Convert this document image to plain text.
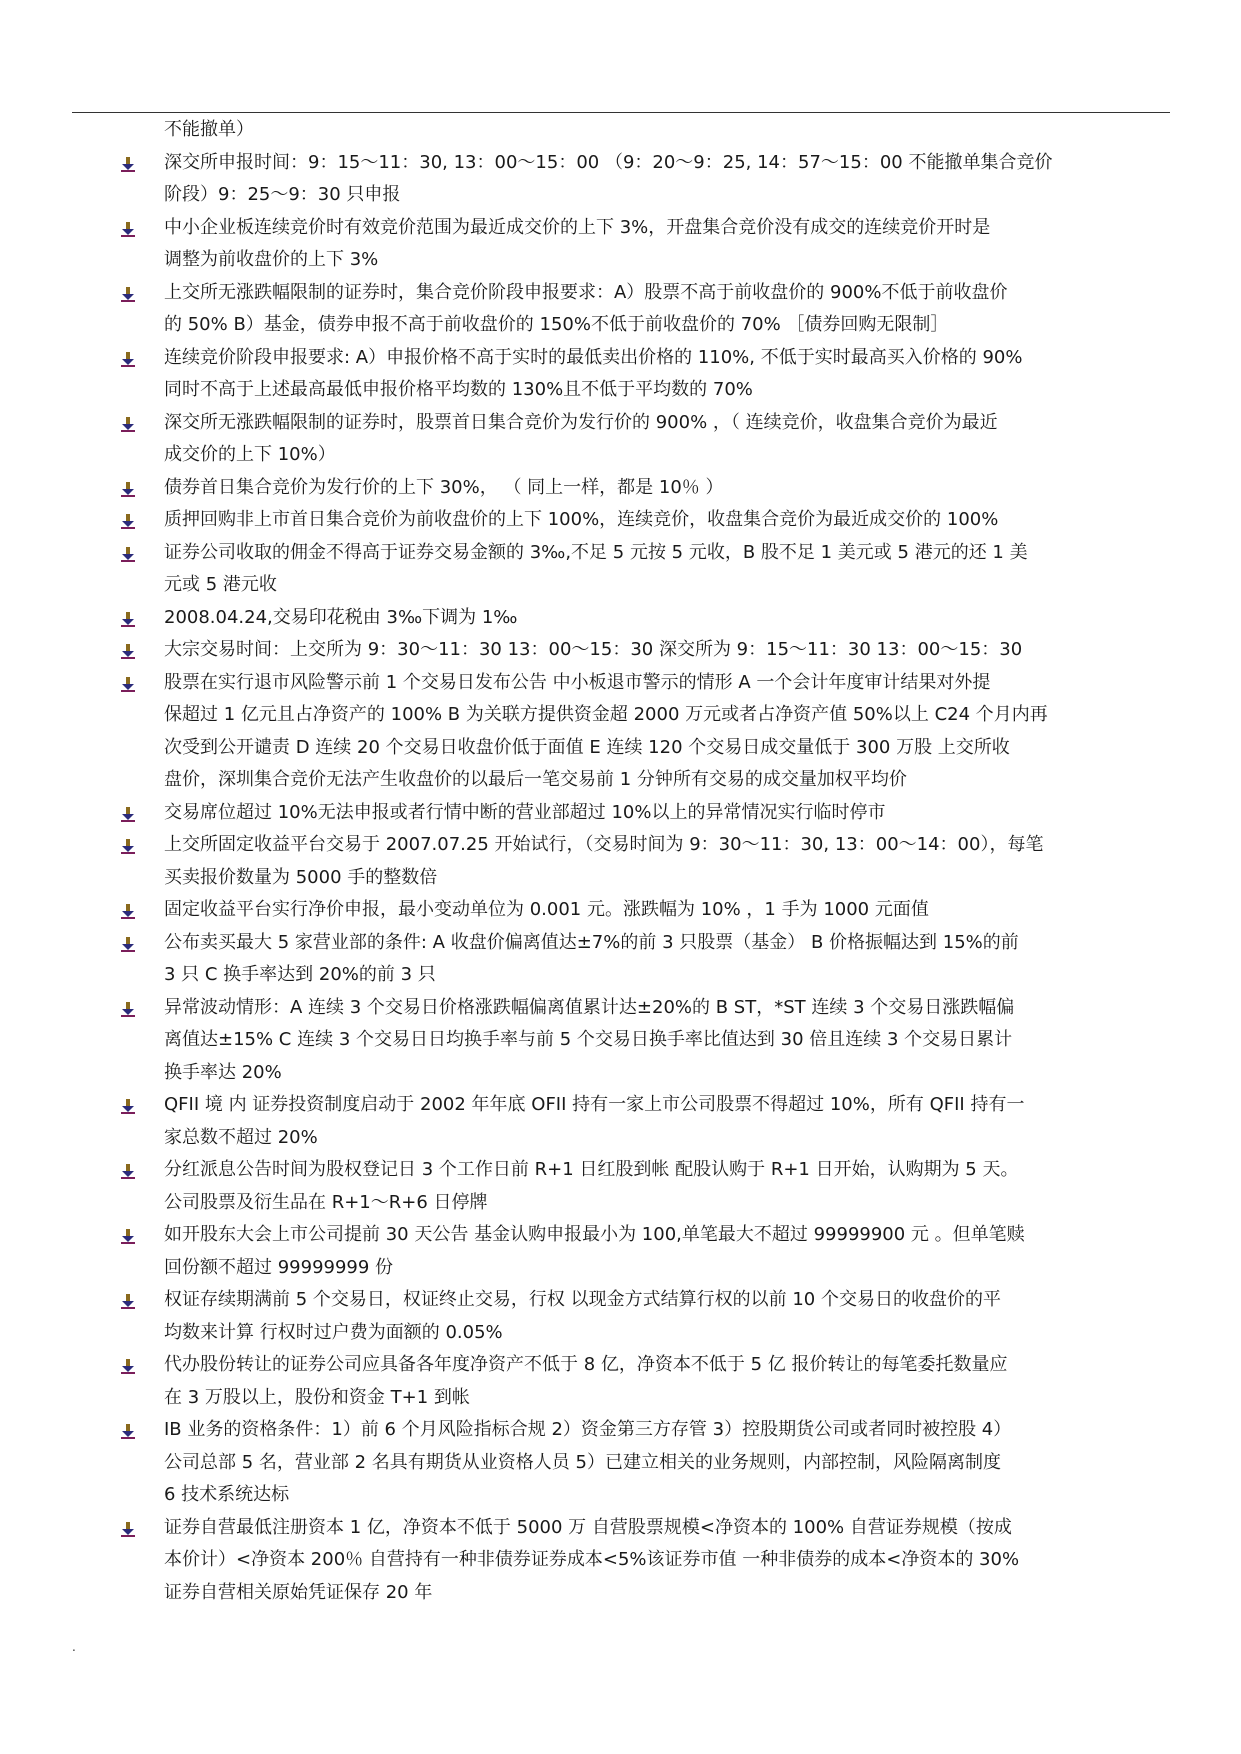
不能撤单）
深交所申报时间：9：15～11：30, 13：00～15：00 （9：20～9：25, 14：57～15：00 不能撤单集合竞价
阶段）9：25～9：30 只申报
中小企业板连续竞价时有效竞价范围为最近成交价的上下 3%，开盘集合竞价没有成交的连续竞价开时是
调整为前收盘价的上下 3%
上交所无涨跌幅限制的证券时，集合竞价阶段申报要求：A）股票不高于前收盘价的 900%不低于前收盘价
的 50% B）基金，债券申报不高于前收盘价的 150%不低于前收盘价的 70% ［债券回购无限制］
连续竞价阶段申报要求: A）申报价格不高于实时的最低卖出价格的 110%, 不低于实时最高买入价格的 90%
同时不高于上述最高最低申报价格平均数的 130%且不低于平均数的 70%
深交所无涨跌幅限制的证券时，股票首日集合竞价为发行价的 900% ，（ 连续竞价，收盘集合竞价为最近
成交价的上下 10%）
债券首日集合竞价为发行价的上下 30%， （ 同上一样，都是 10％ ）
质押回购非上市首日集合竞价为前收盘价的上下 100%，连续竞价，收盘集合竞价为最近成交价的 100%
证券公司收取的佣金不得高于证券交易金额的 3‰,不足 5 元按 5 元收，B 股不足 1 美元或 5 港元的还 1 美
元或 5 港元收
2008.04.24,交易印花税由 3‰下调为 1‰
大宗交易时间：上交所为 9：30～11：30 13：00～15：30 深交所为 9：15～11：30 13：00～15：30
股票在实行退市风险警示前 1 个交易日发布公告 中小板退市警示的情形 A 一个会计年度审计结果对外提
保超过 1 亿元且占净资产的 100% B 为关联方提供资金超 2000 万元或者占净资产值 50%以上 C24 个月内再
次受到公开谴责 D 连续 20 个交易日收盘价低于面值 E 连续 120 个交易日成交量低于 300 万股 上交所收
盘价，深圳集合竞价无法产生收盘价的以最后一笔交易前 1 分钟所有交易的成交量加权平均价
交易席位超过 10%无法申报或者行情中断的营业部超过 10%以上的异常情况实行临时停市
上交所固定收益平台交易于 2007.07.25 开始试行，（交易时间为 9：30～11：30, 13：00～14：00），每笔
买卖报价数量为 5000 手的整数倍
固定收益平台实行净价申报，最小变动单位为 0.001 元。涨跌幅为 10% ，1 手为 1000 元面值
公布卖买最大 5 家营业部的条件: A 收盘价偏离值达±7%的前 3 只股票（基金） B 价格振幅达到 15%的前
3 只 C 换手率达到 20%的前 3 只
异常波动情形：A 连续 3 个交易日价格涨跌幅偏离值累计达±20%的 B ST，*ST 连续 3 个交易日涨跌幅偏
离值达±15% C 连续 3 个交易日日均换手率与前 5 个交易日换手率比值达到 30 倍且连续 3 个交易日累计
换手率达 20%
QFII 境 内 证券投资制度启动于 2002 年年底 OFII 持有一家上市公司股票不得超过 10%，所有 QFII 持有一
家总数不超过 20%
分红派息公告时间为股权登记日 3 个工作日前 R+1 日红股到帐 配股认购于 R+1 日开始，认购期为 5 天。
公司股票及衍生品在 R+1～R+6 日停牌
如开股东大会上市公司提前 30 天公告 基金认购申报最小为 100,单笔最大不超过 99999900 元 。但单笔赎
回份额不超过 99999999 份
权证存续期满前 5 个交易日，权证终止交易，行权 以现金方式结算行权的以前 10 个交易日的收盘价的平
均数来计算 行权时过户费为面额的 0.05%
代办股份转让的证券公司应具备各年度净资产不低于 8 亿，净资本不低于 5 亿 报价转让的每笔委托数量应
在 3 万股以上，股份和资金 T+1 到帐
IB 业务的资格条件：1）前 6 个月风险指标合规 2）资金第三方存管 3）控股期货公司或者同时被控股 4）
公司总部 5 名，营业部 2 名具有期货从业资格人员 5）已建立相关的业务规则，内部控制，风险隔离制度
6 技术系统达标
证券自营最低注册资本 1 亿，净资本不低于 5000 万 自营股票规模<净资本的 100% 自营证券规模（按成
本价计）<净资本 200％ 自营持有一种非债券证券成本<5%该证券市值 一种非债券的成本<净资本的 30%
证券自营相关原始凭证保存 20 年
.
